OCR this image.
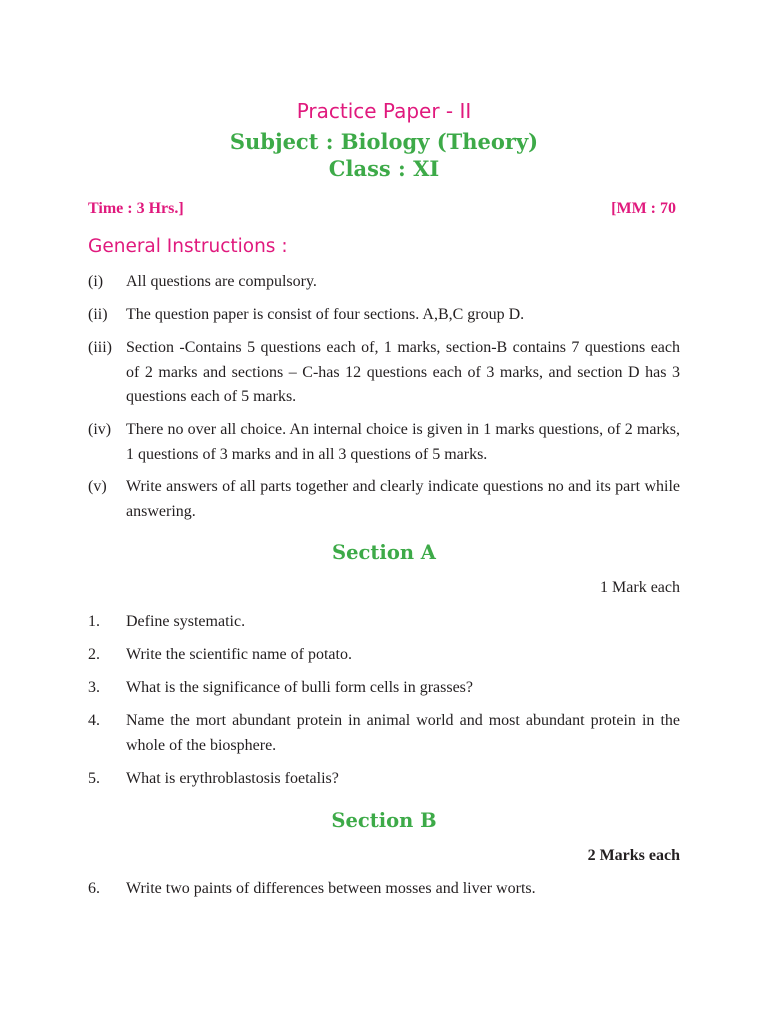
Practice Paper - II
Subject : Biology (Theory)
Class : XI
Time : 3 Hrs.]	[MM : 70
General Instructions :
(i) All questions are compulsory.
(ii) The question paper is consist of four sections. A,B,C group D.
(iii) Section -Contains 5 questions each of, 1 marks, section-B contains 7 questions each of 2 marks and sections – C-has 12 questions each of 3 marks, and section D has 3 questions each of 5 marks.
(iv) There no over all choice. An internal choice is given in 1 marks questions, of 2 marks, 1 questions of 3 marks and in all 3 questions of 5 marks.
(v) Write answers of all parts together and clearly indicate questions no and its part while answering.
Section A
1 Mark each
1. Define systematic.
2. Write the scientific name of potato.
3. What is the significance of bulli form cells in grasses?
4. Name the mort abundant protein in animal world and most abundant protein in the whole of the biosphere.
5. What is erythroblastosis foetalis?
Section B
2 Marks each
6. Write two paints of differences between mosses and liver worts.
